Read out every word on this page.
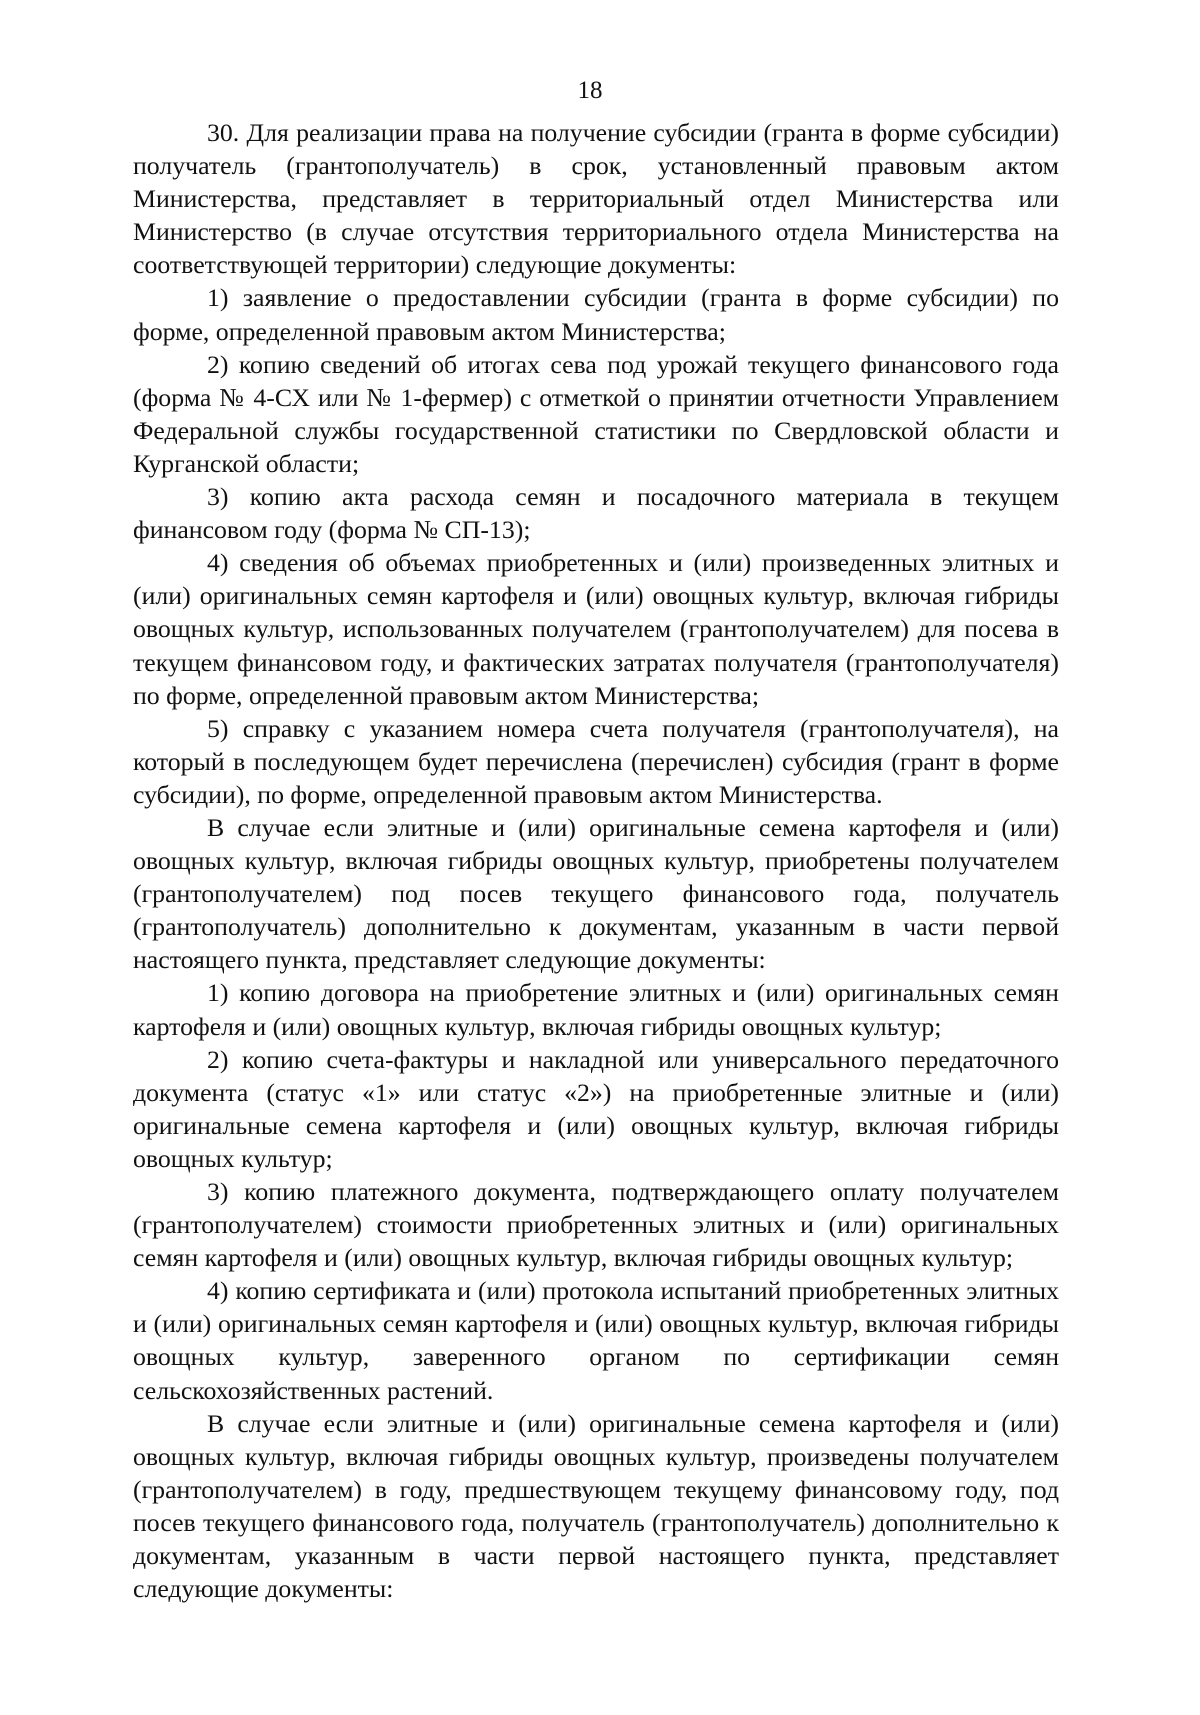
18

30. Для реализации права на получение субсидии (гранта в форме субсидии) получатель (грантополучатель) в срок, установленный правовым актом Министерства, представляет в территориальный отдел Министерства или Министерство (в случае отсутствия территориального отдела Министерства на соответствующей территории) следующие документы:

1) заявление о предоставлении субсидии (гранта в форме субсидии) по форме, определенной правовым актом Министерства;

2) копию сведений об итогах сева под урожай текущего финансового года (форма № 4-СХ или № 1-фермер) с отметкой о принятии отчетности Управлением Федеральной службы государственной статистики по Свердловской области и Курганской области;

3) копию акта расхода семян и посадочного материала в текущем финансовом году (форма № СП-13);

4) сведения об объемах приобретенных и (или) произведенных элитных и (или) оригинальных семян картофеля и (или) овощных культур, включая гибриды овощных культур, использованных получателем (грантополучателем) для посева в текущем финансовом году, и фактических затратах получателя (грантополучателя) по форме, определенной правовым актом Министерства;

5) справку с указанием номера счета получателя (грантополучателя), на который в последующем будет перечислена (перечислен) субсидия (грант в форме субсидии), по форме, определенной правовым актом Министерства.

В случае если элитные и (или) оригинальные семена картофеля и (или) овощных культур, включая гибриды овощных культур, приобретены получателем (грантополучателем) под посев текущего финансового года, получатель (грантополучатель) дополнительно к документам, указанным в части первой настоящего пункта, представляет следующие документы:

1) копию договора на приобретение элитных и (или) оригинальных семян картофеля и (или) овощных культур, включая гибриды овощных культур;

2) копию счета-фактуры и накладной или универсального передаточного документа (статус «1» или статус «2») на приобретенные элитные и (или) оригинальные семена картофеля и (или) овощных культур, включая гибриды овощных культур;

3) копию платежного документа, подтверждающего оплату получателем (грантополучателем) стоимости приобретенных элитных и (или) оригинальных семян картофеля и (или) овощных культур, включая гибриды овощных культур;

4) копию сертификата и (или) протокола испытаний приобретенных элитных и (или) оригинальных семян картофеля и (или) овощных культур, включая гибриды овощных культур, заверенного органом по сертификации семян сельскохозяйственных растений.

В случае если элитные и (или) оригинальные семена картофеля и (или) овощных культур, включая гибриды овощных культур, произведены получателем (грантополучателем) в году, предшествующем текущему финансовому году, под посев текущего финансового года, получатель (грантополучатель) дополнительно к документам, указанным в части первой настоящего пункта, представляет следующие документы:
